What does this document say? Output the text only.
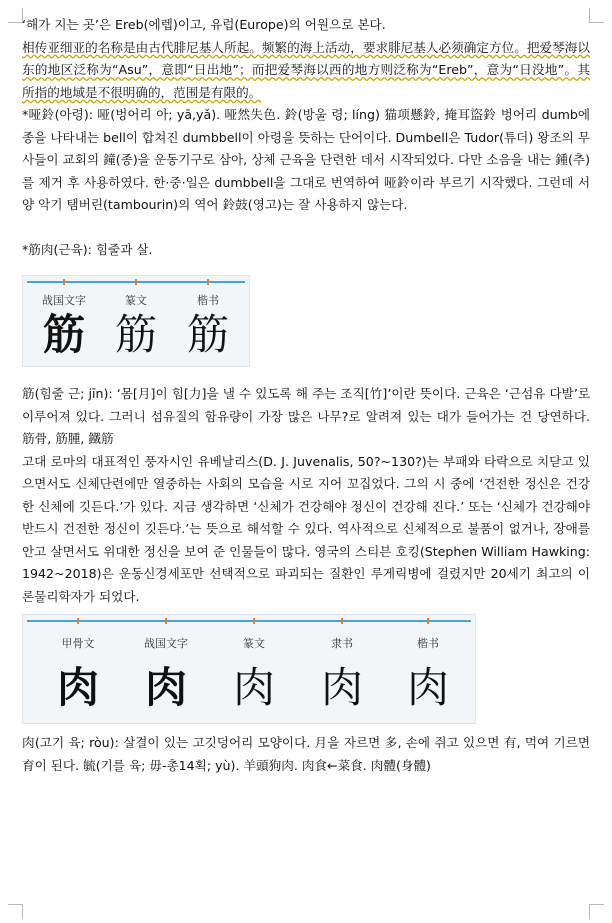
‘해가 지는 곳’은 Ereb(에렙)이고, 유럽(Europe)의 어원으로 본다.

相传亚细亚的名称是由古代腓尼基人所起。频繁的海上活动，要求腓尼基人必须确定方位。把爱琴海以东的地区泛称为“Asu”，意即“日出地”；而把爱琴海以西的地方则泛称为“Ereb”，意为“日没地”。其所指的地域是不很明确的，范围是有限的。

*哑鈴(아령): 哑(벙어리 아; yā,yǎ). 哑然失色. 鈴(방울 령; líng) 猫项懸鈴, 掩耳盜鈴 벙어리 dumb에 종을 나타내는 bell이 합쳐진 dumbbell이 아령을 뜻하는 단어이다. Dumbell은 Tudor(튜더) 왕조의 무사들이 교회의 鐘(종)을 운동기구로 삼아, 상체 근육을 단련한 데서 시작되었다. 다만 소음을 내는 鍾(추)를 제거 후 사용하였다. 한·중·일은 dumbbell을 그대로 번역하여 哑鈴이라 부르기 시작했다. 그런데 서양 악기 탬버린(tambourin)의 역어 鈴鼓(영고)는 잘 사용하지 않는다.

*筋肉(근육): 힘줄과 살.

战国文字	篆文	楷书
筋 筋 筋

筋(힘줄 근; jīn): ‘몸[月]이 힘[力]을 낼 수 있도록 해 주는 조직[竹]’이란 뜻이다. 근육은 ‘근섬유 다발’로 이루어져 있다. 그러니 섬유질의 함유량이 가장 많은 나무?로 알려져 있는 대가 들어가는 건 당연하다. 筋骨, 筋腫, 鐵筋

고대 로마의 대표적인 풍자시인 유베날리스(D. J. Juvenalis, 50?~130?)는 부패와 타락으로 치닫고 있으면서도 신체단련에만 열중하는 사회의 모습을 시로 지어 꼬집었다. 그의 시 중에 ‘건전한 정신은 건강한 신체에 깃든다.’가 있다. 지금 생각하면 ‘신체가 건강해야 정신이 건강해 진다.’ 또는 ‘신체가 건강해야 반드시 건전한 정신이 깃든다.’는 뜻으로 해석할 수 있다. 역사적으로 신체적으로 불품이 없거나, 장애를 안고 살면서도 위대한 정신을 보여 준 인물들이 많다. 영국의 스티븐 호킹(Stephen William Hawking: 1942~2018)은 운동신경세포만 선택적으로 파괴되는 질환인 루게릭병에 걸렸지만 20세기 최고의 이론물리학자가 되었다.

甲骨文	战国文字	篆文	隶书	楷书
肉 肉 肉 肉 肉

肉(고기 육; ròu): 살결이 있는 고깃덩어리 모양이다. 月을 자르면 多, 손에 쥐고 있으면 有, 먹여 기르면 育이 된다. 毓(기를 육; 毋-총14획; yù). 羊頭狗肉. 肉食←菜食. 肉體(身體)
